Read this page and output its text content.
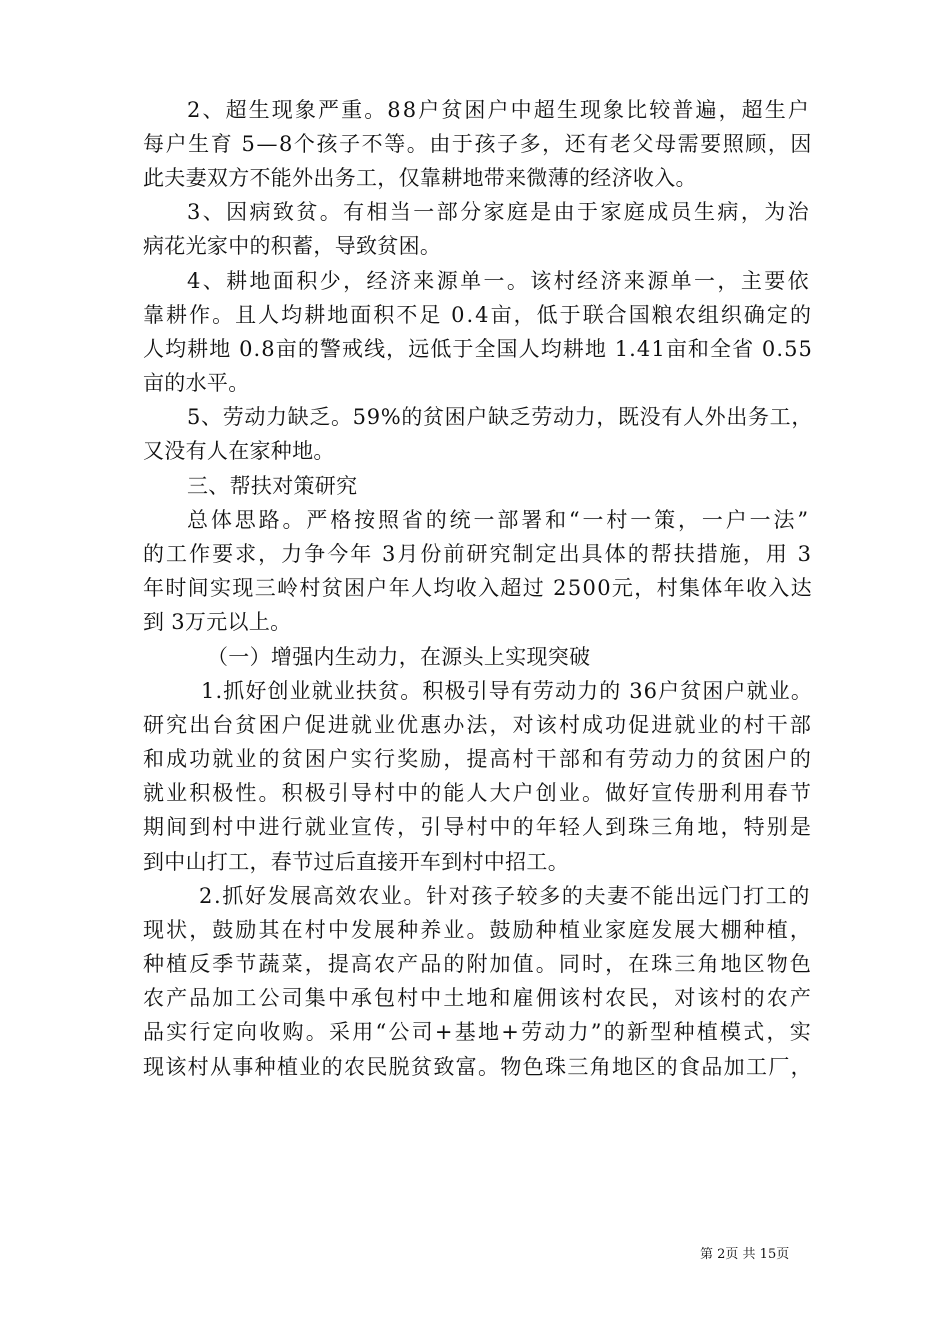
2、超生现象严重。88户贫困户中超生现象比较普遍，超生户
每户生育 5—8个孩子不等。由于孩子多，还有老父母需要照顾，因
此夫妻双方不能外出务工，仅靠耕地带来微薄的经济收入。
3、因病致贫。有相当一部分家庭是由于家庭成员生病，为治
病花光家中的积蓄，导致贫困。
4、耕地面积少，经济来源单一。该村经济来源单一，主要依
靠耕作。且人均耕地面积不足 0.4亩，低于联合国粮农组织确定的
人均耕地 0.8亩的警戒线，远低于全国人均耕地 1.41亩和全省 0.55
亩的水平。
5、劳动力缺乏。59%的贫困户缺乏劳动力，既没有人外出务工，
又没有人在家种地。
三、帮扶对策研究
总体思路。严格按照省的统一部署和“一村一策，一户一法”
的工作要求，力争今年 3月份前研究制定出具体的帮扶措施，用 3
年时间实现三岭村贫困户年人均收入超过 2500元，村集体年收入达
到 3万元以上。
（一）增强内生动力，在源头上实现突破
1.抓好创业就业扶贫。积极引导有劳动力的 36户贫困户就业。
研究出台贫困户促进就业优惠办法，对该村成功促进就业的村干部
和成功就业的贫困户实行奖励，提高村干部和有劳动力的贫困户的
就业积极性。积极引导村中的能人大户创业。做好宣传册利用春节
期间到村中进行就业宣传，引导村中的年轻人到珠三角地，特别是
到中山打工，春节过后直接开车到村中招工。
2.抓好发展高效农业。针对孩子较多的夫妻不能出远门打工的
现状，鼓励其在村中发展种养业。鼓励种植业家庭发展大棚种植，
种植反季节蔬菜，提高农产品的附加值。同时，在珠三角地区物色
农产品加工公司集中承包村中土地和雇佣该村农民，对该村的农产
品实行定向收购。采用“公司+基地+劳动力”的新型种植模式，实
现该村从事种植业的农民脱贫致富。物色珠三角地区的食品加工厂，
第 2页 共 15页
